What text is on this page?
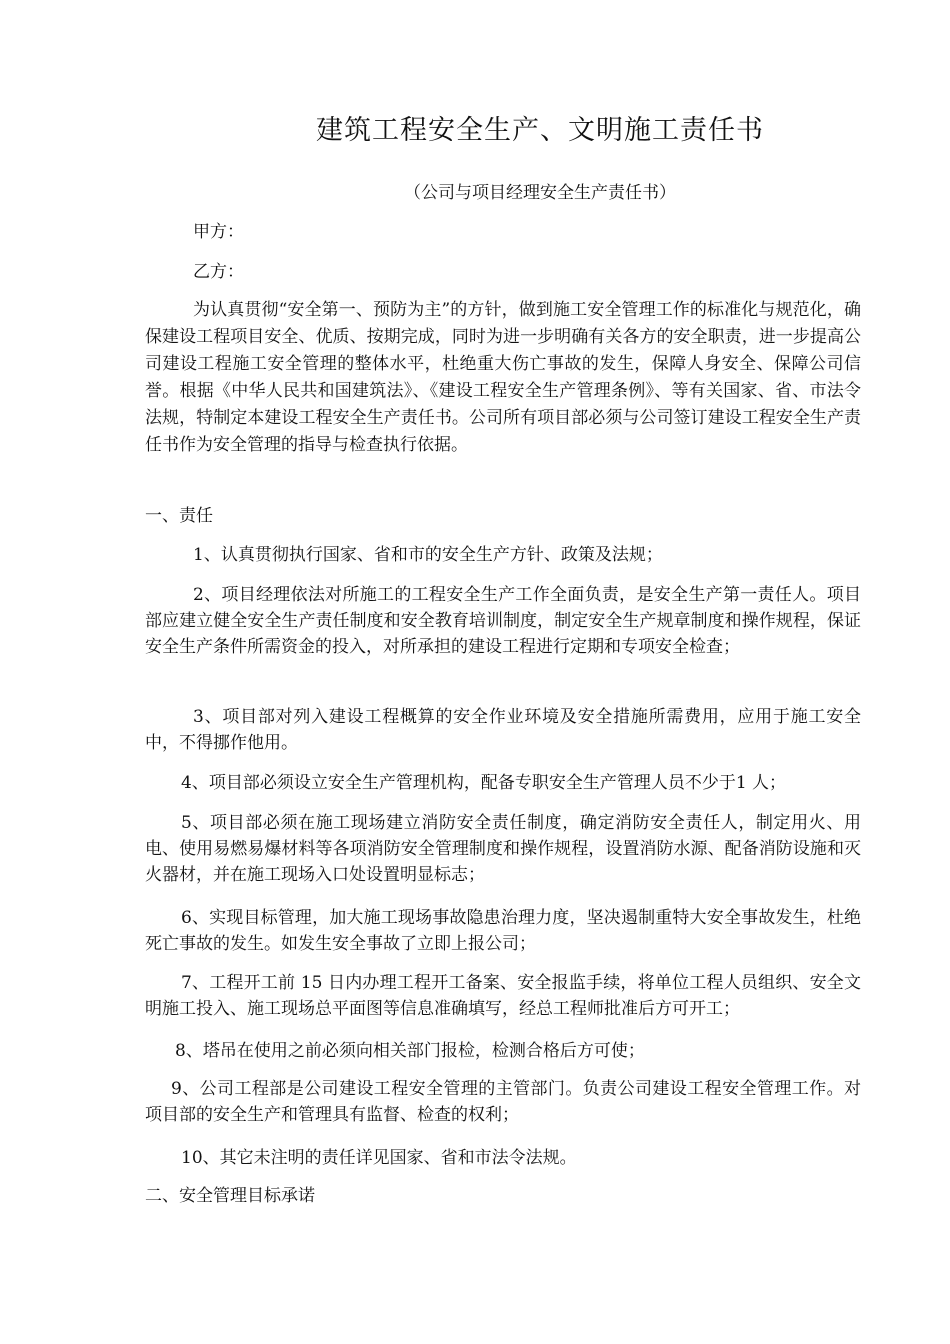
建筑工程安全生产、文明施工责任书
（公司与项目经理安全生产责任书）
甲方：
乙方：
为认真贯彻“安全第一、预防为主”的方针，做到施工安全管理工作的标准化与规范化，确保建设工程项目安全、优质、按期完成，同时为进一步明确有关各方的安全职责，进一步提高公司建设工程施工安全管理的整体水平，杜绝重大伤亡事故的发生，保障人身安全、保障公司信誉。根据《中华人民共和国建筑法》、《建设工程安全生产管理条例》、等有关国家、省、市法令法规，特制定本建设工程安全生产责任书。公司所有项目部必须与公司签订建设工程安全生产责任书作为安全管理的指导与检查执行依据。
一、责任
1、认真贯彻执行国家、省和市的安全生产方针、政策及法规；
2、项目经理依法对所施工的工程安全生产工作全面负责，是安全生产第一责任人。项目部应建立健全安全生产责任制度和安全教育培训制度，制定安全生产规章制度和操作规程，保证安全生产条件所需资金的投入，对所承担的建设工程进行定期和专项安全检查；
3、项目部对列入建设工程概算的安全作业环境及安全措施所需费用，应用于施工安全中，不得挪作他用。
4、项目部必须设立安全生产管理机构，配备专职安全生产管理人员不少于1 人；
5、项目部必须在施工现场建立消防安全责任制度，确定消防安全责任人，制定用火、用电、使用易燃易爆材料等各项消防安全管理制度和操作规程，设置消防水源、配备消防设施和灭火器材，并在施工现场入口处设置明显标志；
6、实现目标管理，加大施工现场事故隐患治理力度，坚决遏制重特大安全事故发生，杜绝死亡事故的发生。如发生安全事故了立即上报公司；
7、工程开工前 15 日内办理工程开工备案、安全报监手续，将单位工程人员组织、安全文明施工投入、施工现场总平面图等信息准确填写，经总工程师批准后方可开工；
8、塔吊在使用之前必须向相关部门报检，检测合格后方可使；
9、公司工程部是公司建设工程安全管理的主管部门。负责公司建设工程安全管理工作。对项目部的安全生产和管理具有监督、检查的权利；
10、其它未注明的责任详见国家、省和市法令法规。
二、安全管理目标承诺
